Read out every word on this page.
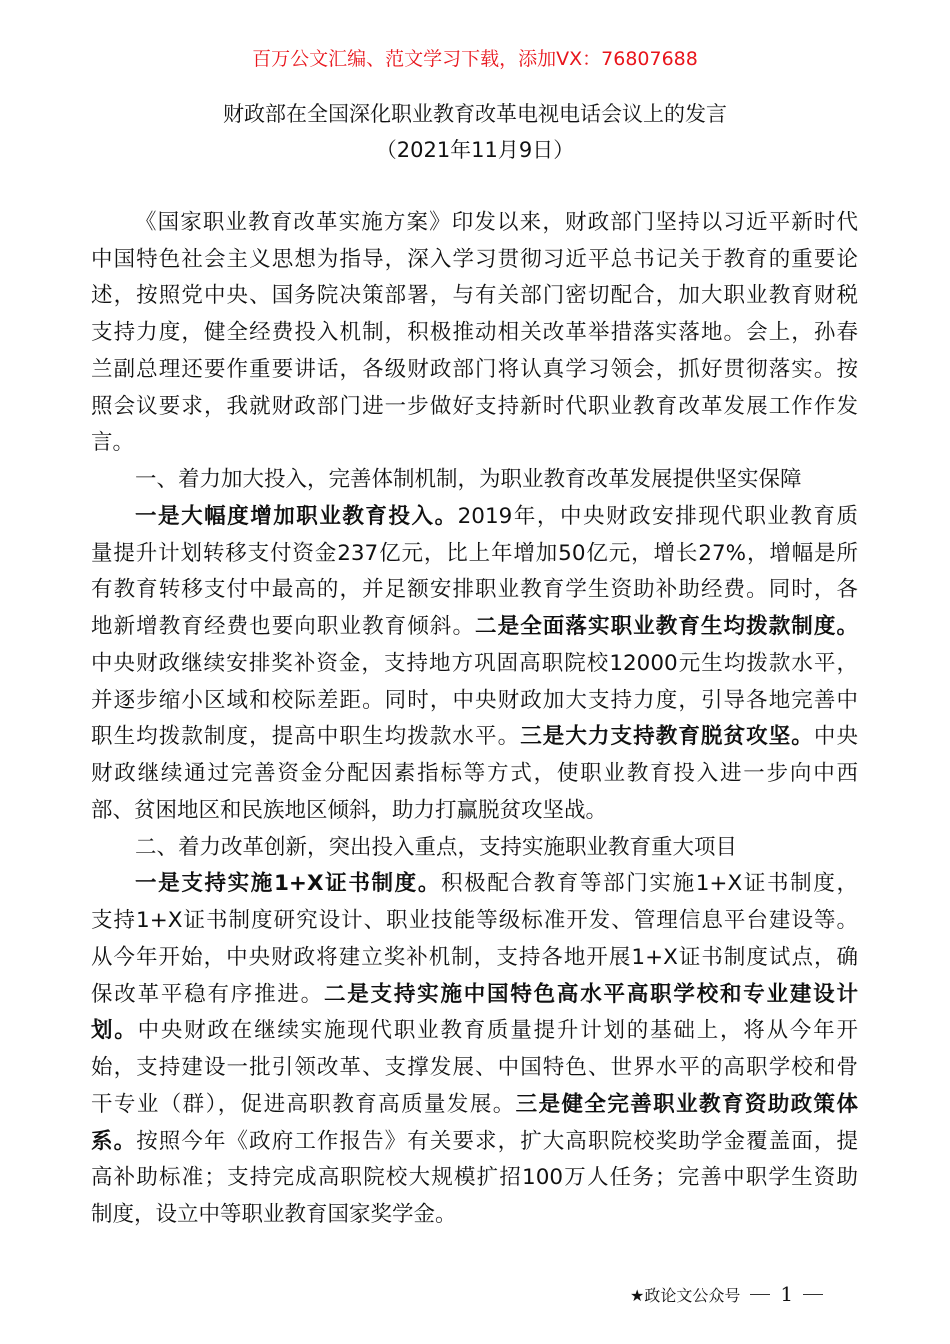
百万公文汇编、范文学习下载，添加VX：76807688
财政部在全国深化职业教育改革电视电话会议上的发言
（2021年11月9日）
《国家职业教育改革实施方案》印发以来，财政部门坚持以习近平新时代
中国特色社会主义思想为指导，深入学习贯彻习近平总书记关于教育的重要论
述，按照党中央、国务院决策部署，与有关部门密切配合，加大职业教育财税
支持力度，健全经费投入机制，积极推动相关改革举措落实落地。会上，孙春
兰副总理还要作重要讲话，各级财政部门将认真学习领会，抓好贯彻落实。按
照会议要求，我就财政部门进一步做好支持新时代职业教育改革发展工作作发
言。
一、着力加大投入，完善体制机制，为职业教育改革发展提供坚实保障
一是大幅度增加职业教育投入。2019年，中央财政安排现代职业教育质
量提升计划转移支付资金237亿元，比上年增加50亿元，增长27%，增幅是所
有教育转移支付中最高的，并足额安排职业教育学生资助补助经费。同时，各
地新增教育经费也要向职业教育倾斜。二是全面落实职业教育生均拨款制度。
中央财政继续安排奖补资金，支持地方巩固高职院校12000元生均拨款水平，
并逐步缩小区域和校际差距。同时，中央财政加大支持力度，引导各地完善中
职生均拨款制度，提高中职生均拨款水平。三是大力支持教育脱贫攻坚。中央
财政继续通过完善资金分配因素指标等方式，使职业教育投入进一步向中西
部、贫困地区和民族地区倾斜，助力打赢脱贫攻坚战。
二、着力改革创新，突出投入重点，支持实施职业教育重大项目
一是支持实施1+X证书制度。积极配合教育等部门实施1+X证书制度，
支持1+X证书制度研究设计、职业技能等级标准开发、管理信息平台建设等。
从今年开始，中央财政将建立奖补机制，支持各地开展1+X证书制度试点，确
保改革平稳有序推进。二是支持实施中国特色高水平高职学校和专业建设计
划。中央财政在继续实施现代职业教育质量提升计划的基础上，将从今年开
始，支持建设一批引领改革、支撑发展、中国特色、世界水平的高职学校和骨
干专业（群），促进高职教育高质量发展。三是健全完善职业教育资助政策体
系。按照今年《政府工作报告》有关要求，扩大高职院校奖助学金覆盖面，提
高补助标准；支持完成高职院校大规模扩招100万人任务；完善中职学生资助
制度，设立中等职业教育国家奖学金。
★政论文公众号 1
